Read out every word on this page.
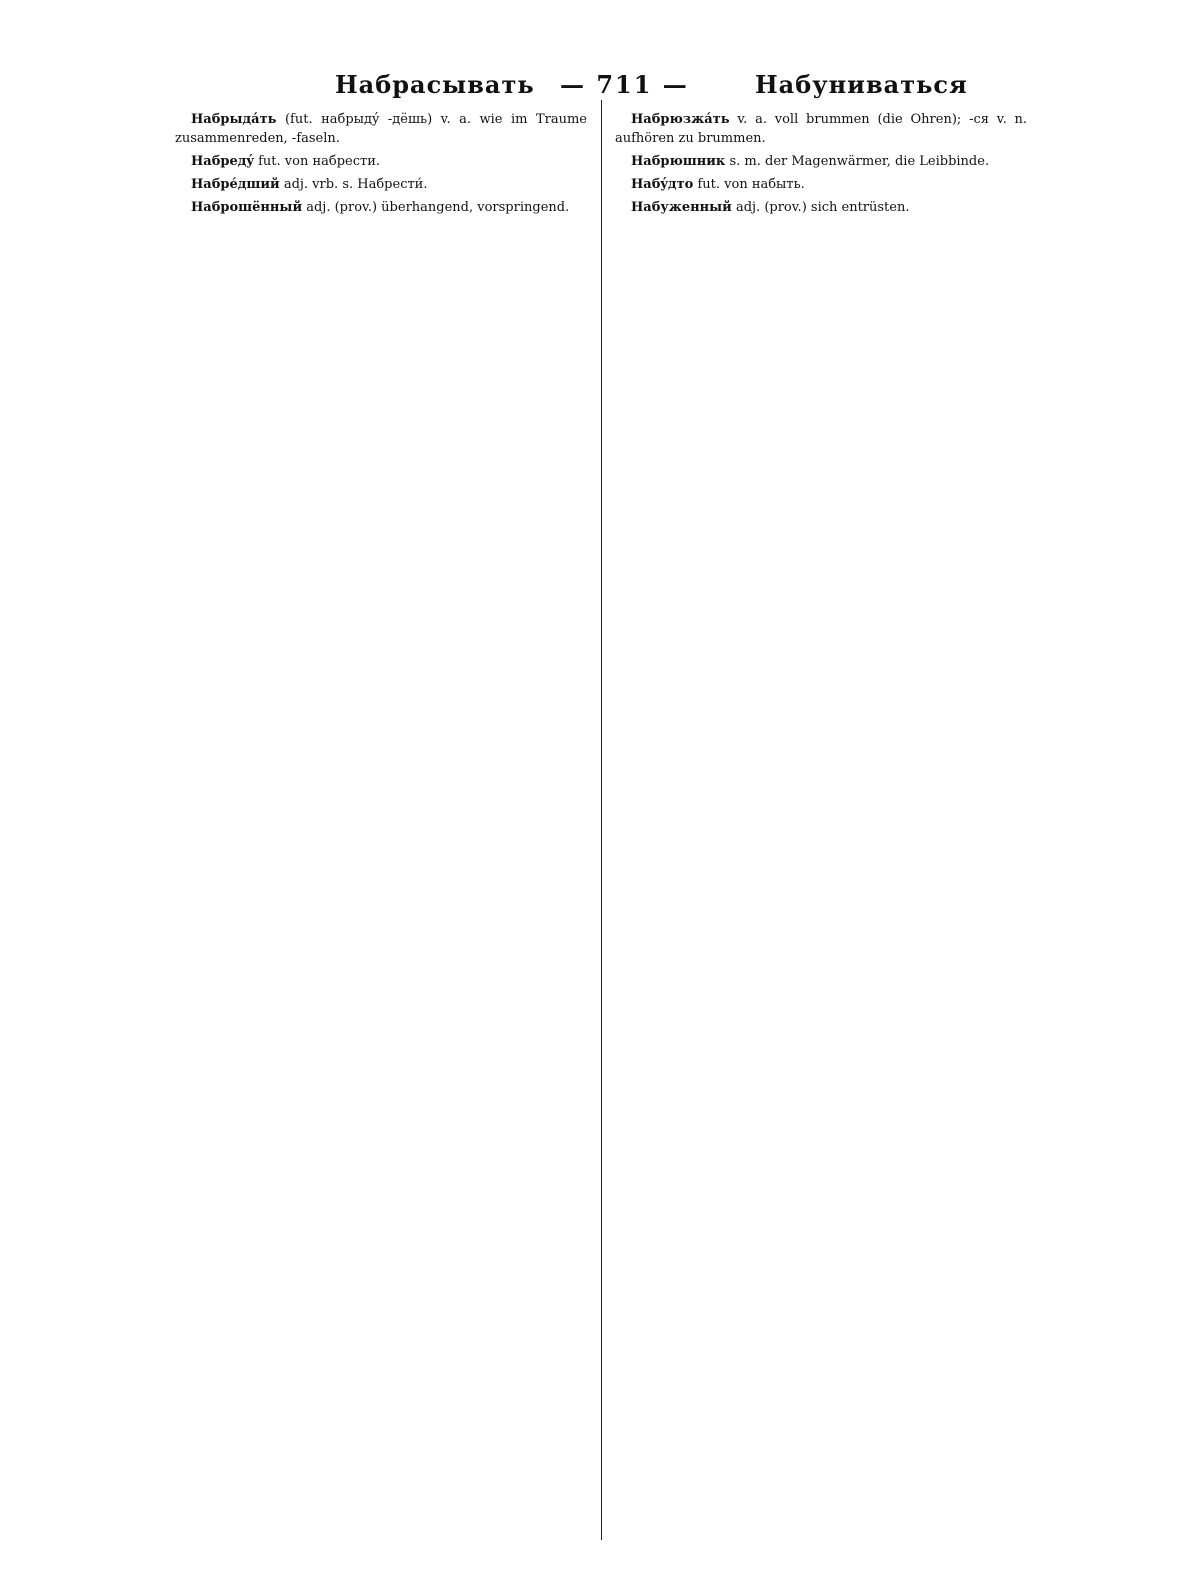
Набрасывать — 711 —	Набуниваться

Набрыдáть (fut. набрыдý -дёшь) v. a. wie im Traume zusammenreden, -faseln.

Набредý fut. von набрести.

Набрéдший adj. vrb. s. Набрести́.

Наброшённый adj. (prov.) überhangend, vorspringend.

Набрюзжáть v. a. voll brummen (die Ohren); -ся v. n. aufhören zu brummen.

Набрюшник s. m. der Magenwärmer, die Leibbinde.

Набýдто fut. von набыть.

Набуженный adj. (prov.) sich entrüsten.
